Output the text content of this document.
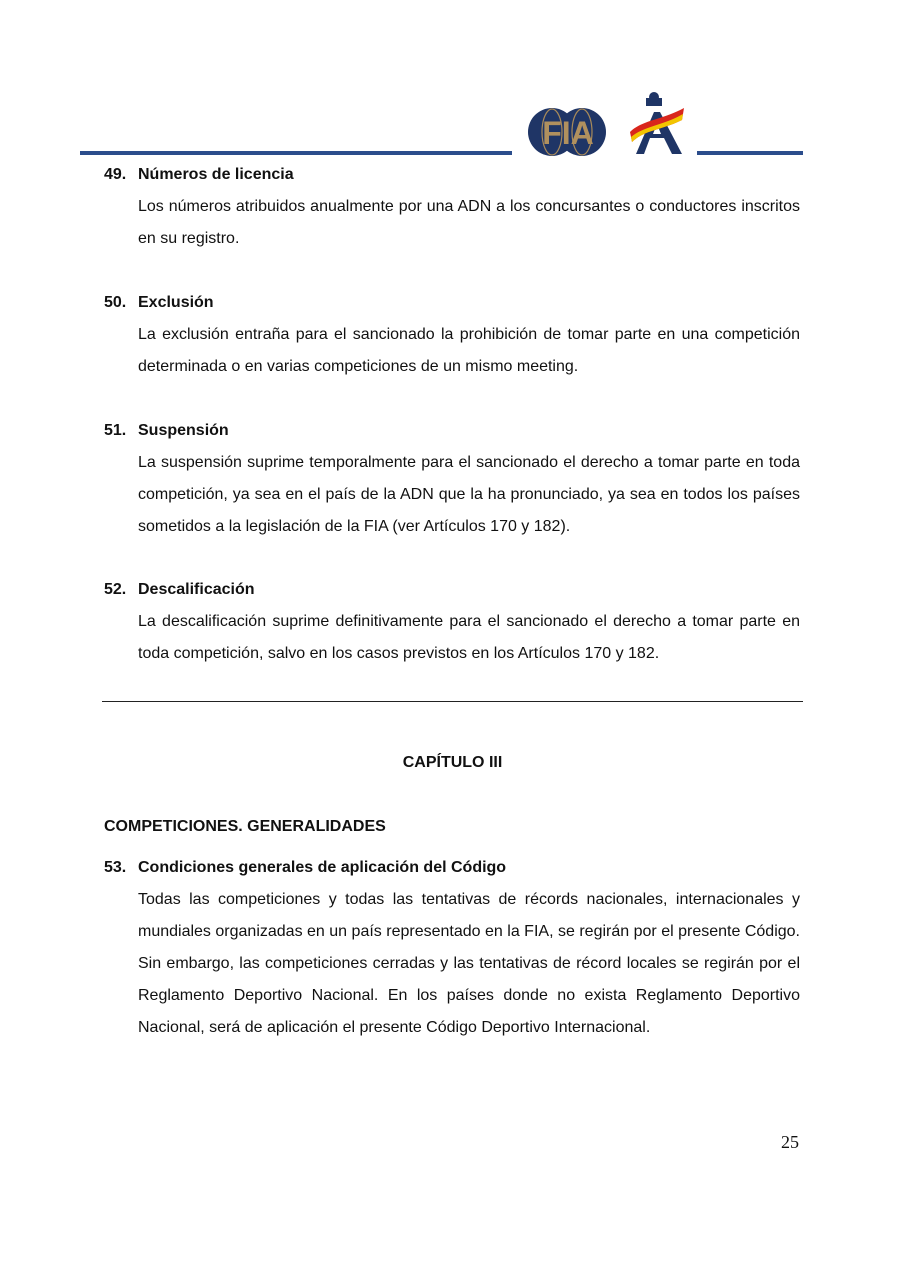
FIA
49. Números de licencia
Los números atribuidos anualmente por una ADN a los concursantes o conductores inscritos
en su registro.
50. Exclusión
La exclusión entraña para el sancionado la prohibición de tomar parte en una competición
determinada o en varias competiciones de un mismo meeting.
51. Suspensión
La suspensión suprime temporalmente para el sancionado el derecho a tomar parte en toda
competición, ya sea en el país de la ADN que la ha pronunciado, ya sea en todos los países
sometidos a la legislación de la FIA (ver Artículos 170 y 182).
52. Descalificación
La descalificación suprime definitivamente para el sancionado el derecho a tomar parte en
toda competición, salvo en los casos previstos en los Artículos 170 y 182.
53. Condiciones generales de aplicación del Código
Todas las competiciones y todas las tentativas de récords nacionales, internacionales y
mundiales organizadas en un país representado en la FIA, se regirán por el presente Código.
Sin embargo, las competiciones cerradas y las tentativas de récord locales se regirán por el
Reglamento Deportivo Nacional. En los países donde no exista Reglamento Deportivo
Nacional, será de aplicación el presente Código Deportivo Internacional.
CAPÍTULO III
COMPETICIONES. GENERALIDADES
25
